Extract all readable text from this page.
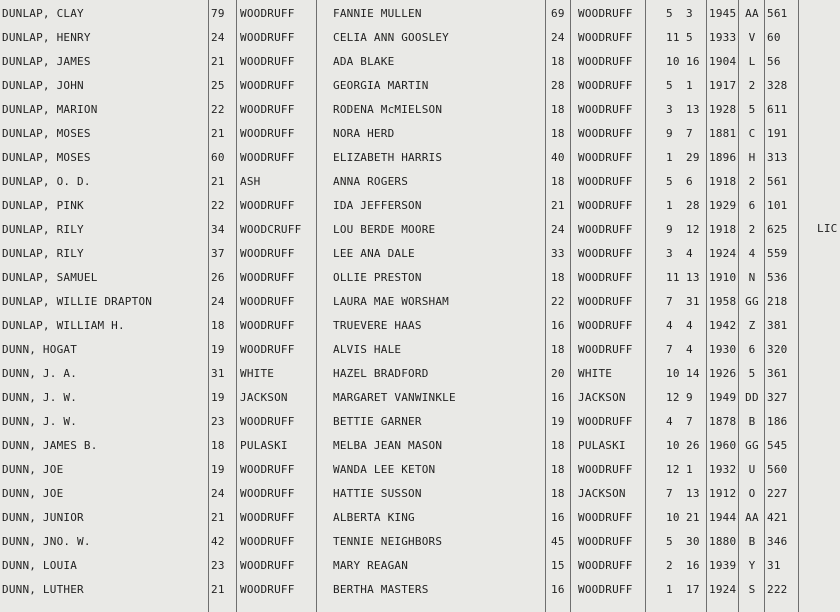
DUNLAP, CLAY	79 WOODRUFF	FANNIE MULLEN	69 WOODRUFF	5 3 1945 AA 561
DUNLAP, HENRY	24 WOODRUFF	CELIA ANN GOOSLEY	24 WOODRUFF	11 5 1933	V	60
DUNLAP, JAMES	21 WOODRUFF	ADA BLAKE	18 WOODRUFF	10 16 1904	L	56
DUNLAP, JOHN	25 WOODRUFF	GEORGIA MARTIN	28 WOODRUFF	5 1 1917	2	328
DUNLAP, MARION	22 WOODRUFF	RODENA McMIELSON	18 WOODRUFF	3 13 1928	5	611
DUNLAP, MOSES	21 WOODRUFF	NORA HERD	18 WOODRUFF	9 7 1881	C	191
DUNLAP, MOSES	60 WOODRUFF	ELIZABETH HARRIS	40 WOODRUFF	1 29 1896	H	313
DUNLAP, O. D.	21 ASH	ANNA ROGERS	18 WOODRUFF	5 6 1918	2	561
DUNLAP, PINK	22 WOODRUFF	IDA JEFFERSON	21 WOODRUFF	1 28 1929	6	101
DUNLAP, RILY	34 WOODCRUFF	LOU BERDE MOORE	24 WOODRUFF	9 12 1918	2	625
DUNLAP, RILY	37 WOODRUFF	LEE ANA DALE	33 WOODRUFF	3 4 1924	4	559
DUNLAP, SAMUEL	26 WOODRUFF	OLLIE PRESTON	18 WOODRUFF	11 13 1910	N	536
DUNLAP, WILLIE DRAPTON	24 WOODRUFF	LAURA MAE WORSHAM	22 WOODRUFF	7 31 1958 GG 218
DUNLAP, WILLIAM H.	18 WOODRUFF	TRUEVERE HAAS	16 WOODRUFF	4 4 1942	Z	381
DUNN, HOGAT	19 WOODRUFF	ALVIS HALE	18 WOODRUFF	7 4 1930	6	320
DUNN, J. A.	31 WHITE	HAZEL BRADFORD	20 WHITE	10 14 1926	5	361
DUNN, J. W.	19 JACKSON	MARGARET VANWINKLE	16 JACKSON	12 9 1949 DD 327
DUNN, J. W.	23 WOODRUFF	BETTIE GARNER	19 WOODRUFF	4 7 1878	B	186
DUNN, JAMES B.	18 PULASKI	MELBA JEAN MASON	18 PULASKI	10 26 1960 GG 545
DUNN, JOE	19 WOODRUFF	WANDA LEE KETON	18 WOODRUFF	12 1 1932	U	560
DUNN, JOE	24 WOODRUFF	HATTIE SUSSON	18 JACKSON	7 13 1912	O	227
DUNN, JUNIOR	21 WOODRUFF	ALBERTA KING	16 WOODRUFF	10 21 1944 AA 421
DUNN, JNO. W.	42 WOODRUFF	TENNIE NEIGHBORS	45 WOODRUFF	5 30 1880	B	346
DUNN, LOUIA	23 WOODRUFF	MARY REAGAN	15 WOODRUFF	2 16 1939	Y	31
DUNN, LUTHER	21 WOODRUFF	BERTHA MASTERS	16 WOODRUFF	1 17 1924	S	222
LIC
